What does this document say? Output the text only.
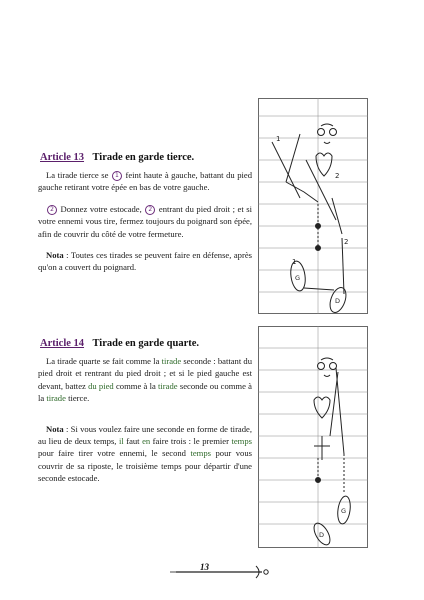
Article 13 Tirade en garde tierce.

La tirade tierce se 1 feint haute à gauche, battant du pied gauche retirant votre épée en bas de votre gauche.

2 Donnez votre estocade, 2 entrant du pied droit ; et si votre ennemi vous tire, fermez toujours du poignard son épée, afin de couvrir du côté de votre fermeture.

Nota : Toutes ces tirades se peuvent faire en défense, après qu'on a couvert du poignard.

Article 14 Tirade en garde quarte.

La tirade quarte se fait comme la tirade seconde : battant du pied droit et rentrant du pied droit ; et si le pied gauche est devant, battez du pied comme à la tirade seconde ou comme à la tirade tierce.

Nota : Si vous voulez faire une seconde en forme de tirade, au lieu de deux temps, il faut en faire trois : le premier temps pour faire tirer votre ennemi, le second temps pour vous couvrir de sa riposte, le troisième temps pour départir d'une seconde estocade.

1
2
2
1
G
D
G
D
13
